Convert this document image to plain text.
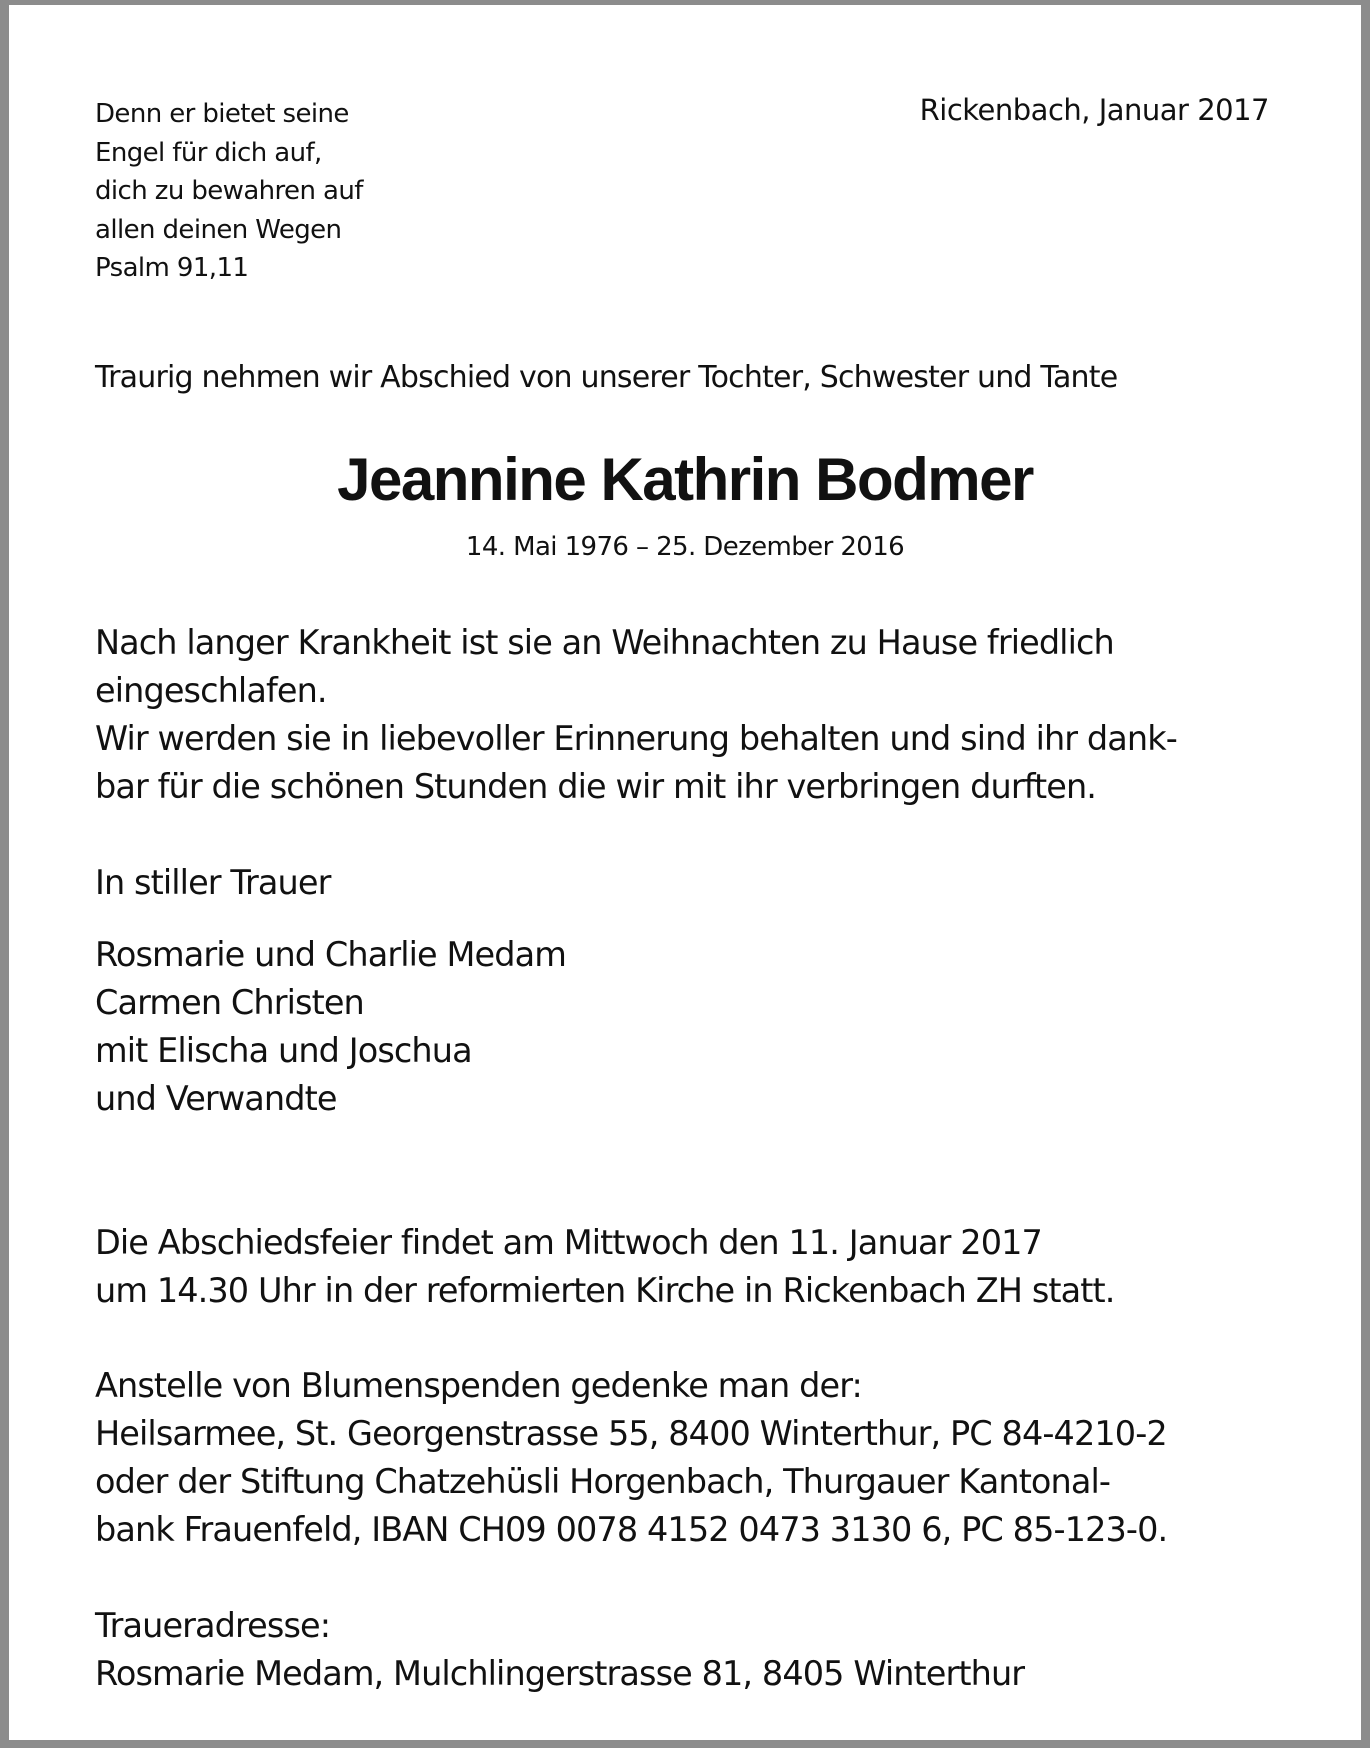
Denn er bietet seine
Engel für dich auf,
dich zu bewahren auf
allen deinen Wegen
Psalm 91,11
Rickenbach, Januar 2017
Traurig nehmen wir Abschied von unserer Tochter, Schwester und Tante
Jeannine Kathrin Bodmer
14. Mai 1976 – 25. Dezember 2016
Nach langer Krankheit ist sie an Weihnachten zu Hause friedlich
eingeschlafen.
Wir werden sie in liebevoller Erinnerung behalten und sind ihr dank-
bar für die schönen Stunden die wir mit ihr verbringen durften.
In stiller Trauer
Rosmarie und Charlie Medam
Carmen Christen
mit Elischa und Joschua
und Verwandte
Die Abschiedsfeier findet am Mittwoch den 11. Januar 2017
um 14.30 Uhr in der reformierten Kirche in Rickenbach ZH statt.
Anstelle von Blumenspenden gedenke man der:
Heilsarmee, St. Georgenstrasse 55, 8400 Winterthur, PC 84-4210-2
oder der Stiftung Chatzehüsli Horgenbach, Thurgauer Kantonal-
bank Frauenfeld, IBAN CH09 0078 4152 0473 3130 6, PC 85-123-0.
Traueradresse:
Rosmarie Medam, Mulchlingerstrasse 81, 8405 Winterthur
